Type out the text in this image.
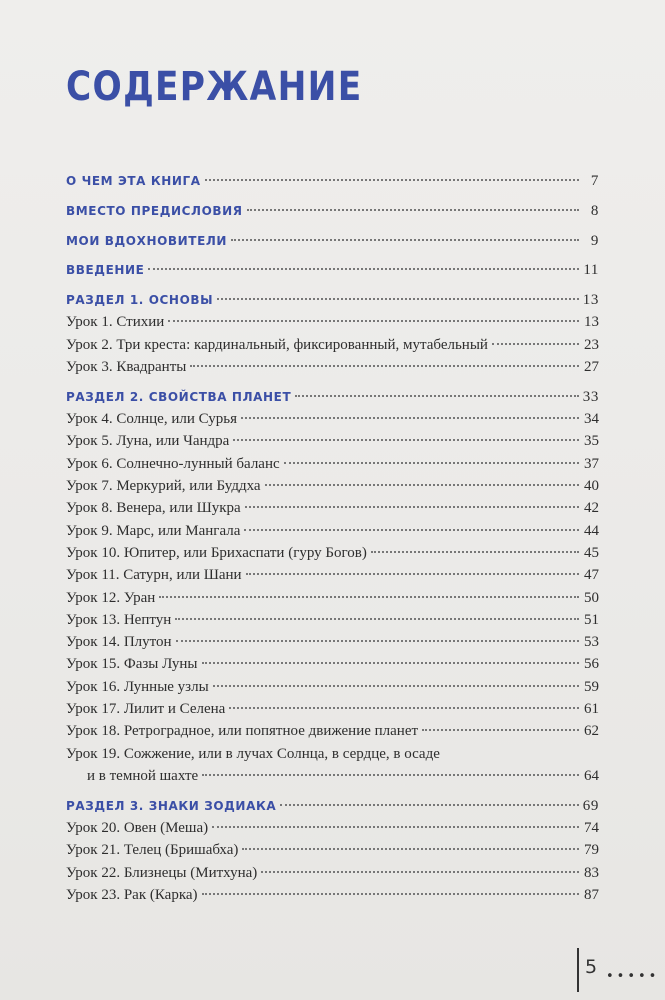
СОДЕРЖАНИЕ
О ЧЕМ ЭТА КНИГА	7
ВМЕСТО ПРЕДИСЛОВИЯ	8
МОИ ВДОХНОВИТЕЛИ	9
ВВЕДЕНИЕ	11
РАЗДЕЛ 1. ОСНОВЫ	13
Урок 1. Стихии	13
Урок 2. Три креста: кардинальный, фиксированный, мутабельный	23
Урок 3. Квадранты	27
РАЗДЕЛ 2. СВОЙСТВА ПЛАНЕТ	33
Урок 4. Солнце, или Сурья	34
Урок 5. Луна, или Чандра	35
Урок 6. Солнечно-лунный баланс	37
Урок 7. Меркурий, или Буддха	40
Урок 8. Венера, или Шукра	42
Урок 9. Марс, или Мангала	44
Урок 10. Юпитер, или Брихаспати (гуру Богов)	45
Урок 11. Сатурн, или Шани	47
Урок 12. Уран	50
Урок 13. Нептун	51
Урок 14. Плутон	53
Урок 15. Фазы Луны	56
Урок 16. Лунные узлы	59
Урок 17. Лилит и Селена	61
Урок 18. Ретроградное, или попятное движение планет	62
Урок 19. Сожжение, или в лучах Солнца, в сердце, в осаде
и в темной шахте	64
РАЗДЕЛ 3. ЗНАКИ ЗОДИАКА	69
Урок 20. Овен (Меша)	74
Урок 21. Телец (Бришабха)	79
Урок 22. Близнецы (Митхуна)	83
Урок 23. Рак (Карка)	87
5 •••••
